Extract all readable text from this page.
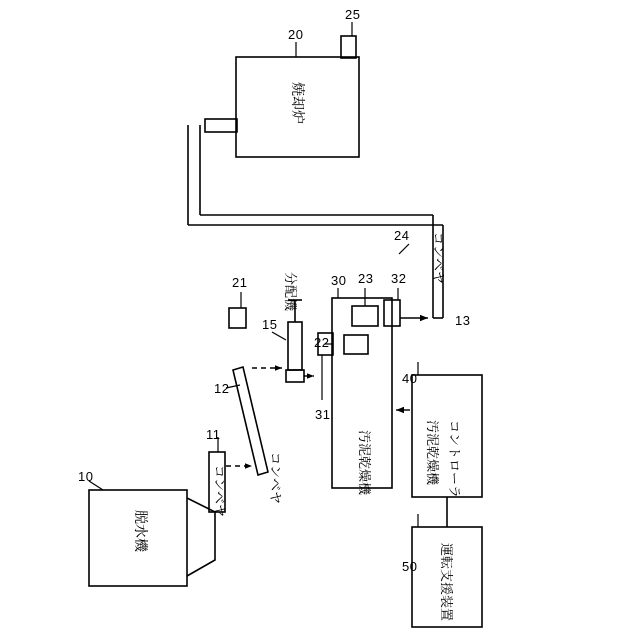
25
20
24
13
21	30 23 32
15
22
40
12
31
11
10
50
焼却炉
コンベヤ
分配機
汚泥乾燥機	汚泥乾燥機 コントローラ
コンベヤ
コンベヤ
脱水機
運転支援装置
